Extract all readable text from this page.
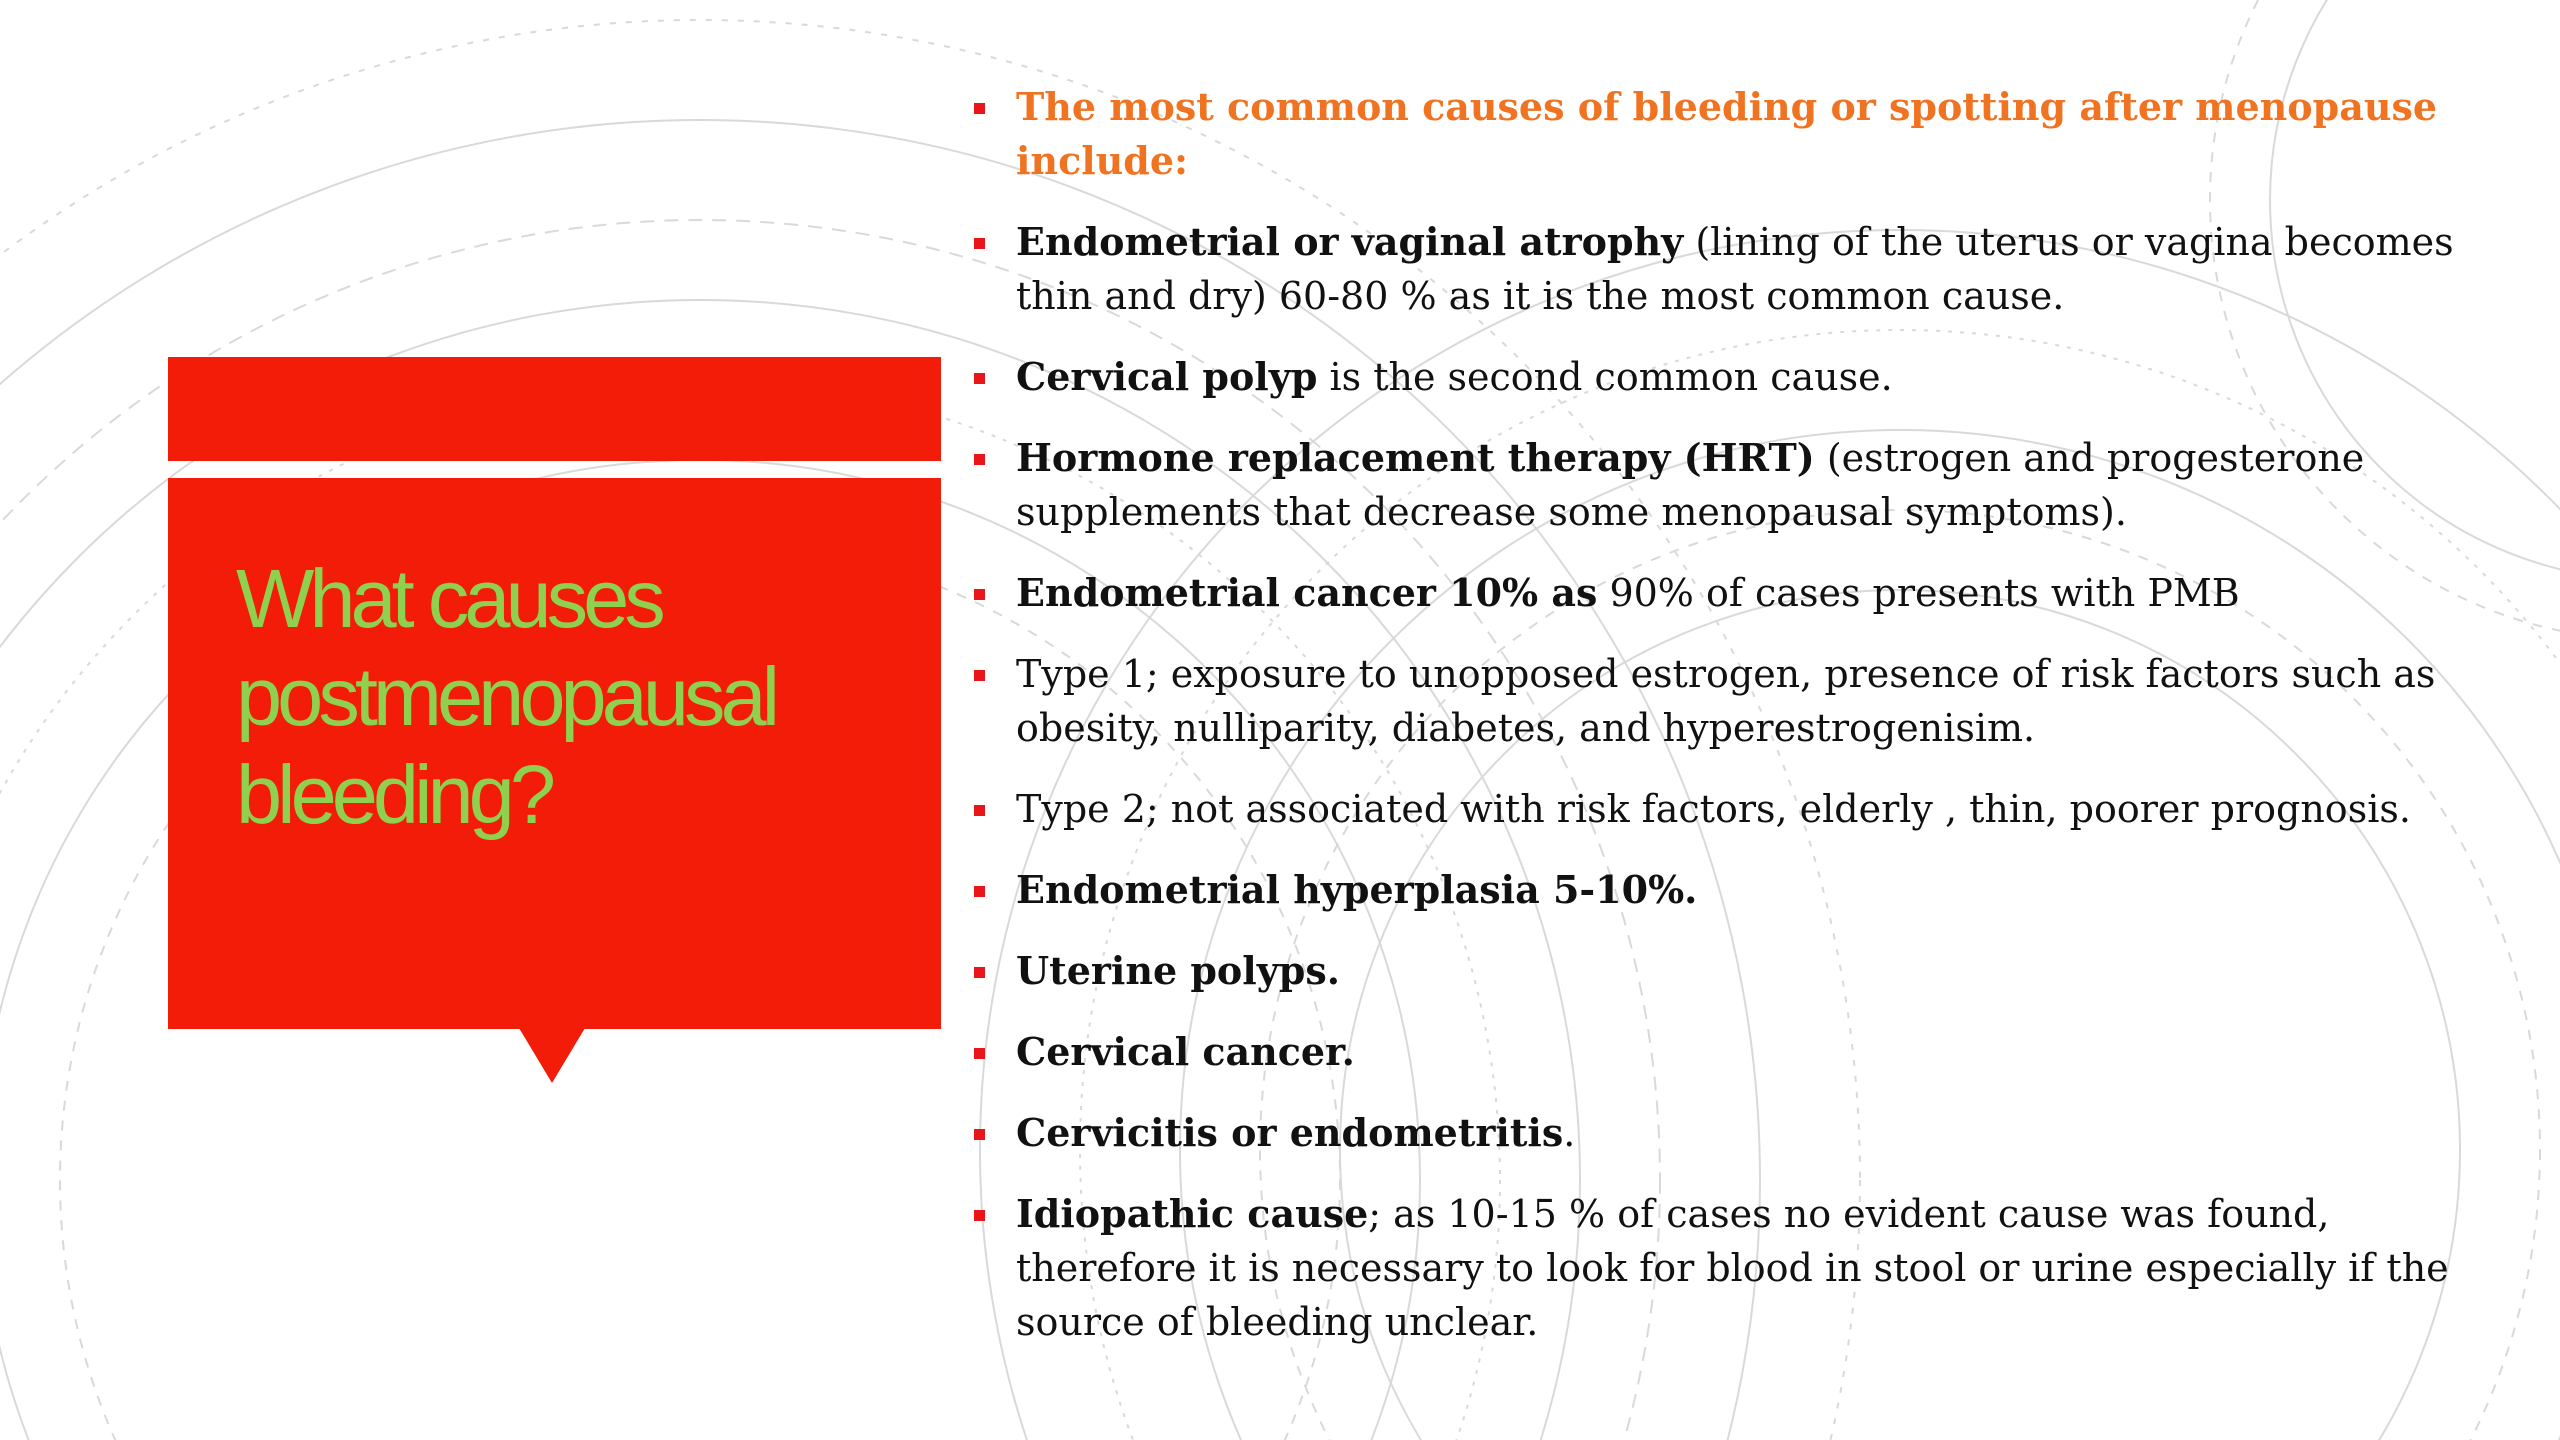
What causes postmenopausal bleeding?
The most common causes of bleeding or spotting after menopause include:
Endometrial or vaginal atrophy (lining of the uterus or vagina becomes thin and dry) 60-80 % as it is the most common cause.
Cervical polyp is the second common cause.
Hormone replacement therapy (HRT) (estrogen and progesterone supplements that decrease some menopausal symptoms).
Endometrial cancer 10% as 90% of cases presents with PMB
Type 1; exposure to unopposed estrogen, presence of risk factors such as obesity, nulliparity, diabetes, and hyperestrogenisim.
Type 2; not associated with risk factors, elderly , thin, poorer prognosis.
Endometrial hyperplasia 5-10%.
Uterine polyps.
Cervical cancer.
Cervicitis or endometritis.
Idiopathic cause; as 10-15 % of cases no evident cause was found, therefore it is necessary to look for blood in stool or urine especially if the source of bleeding unclear.
